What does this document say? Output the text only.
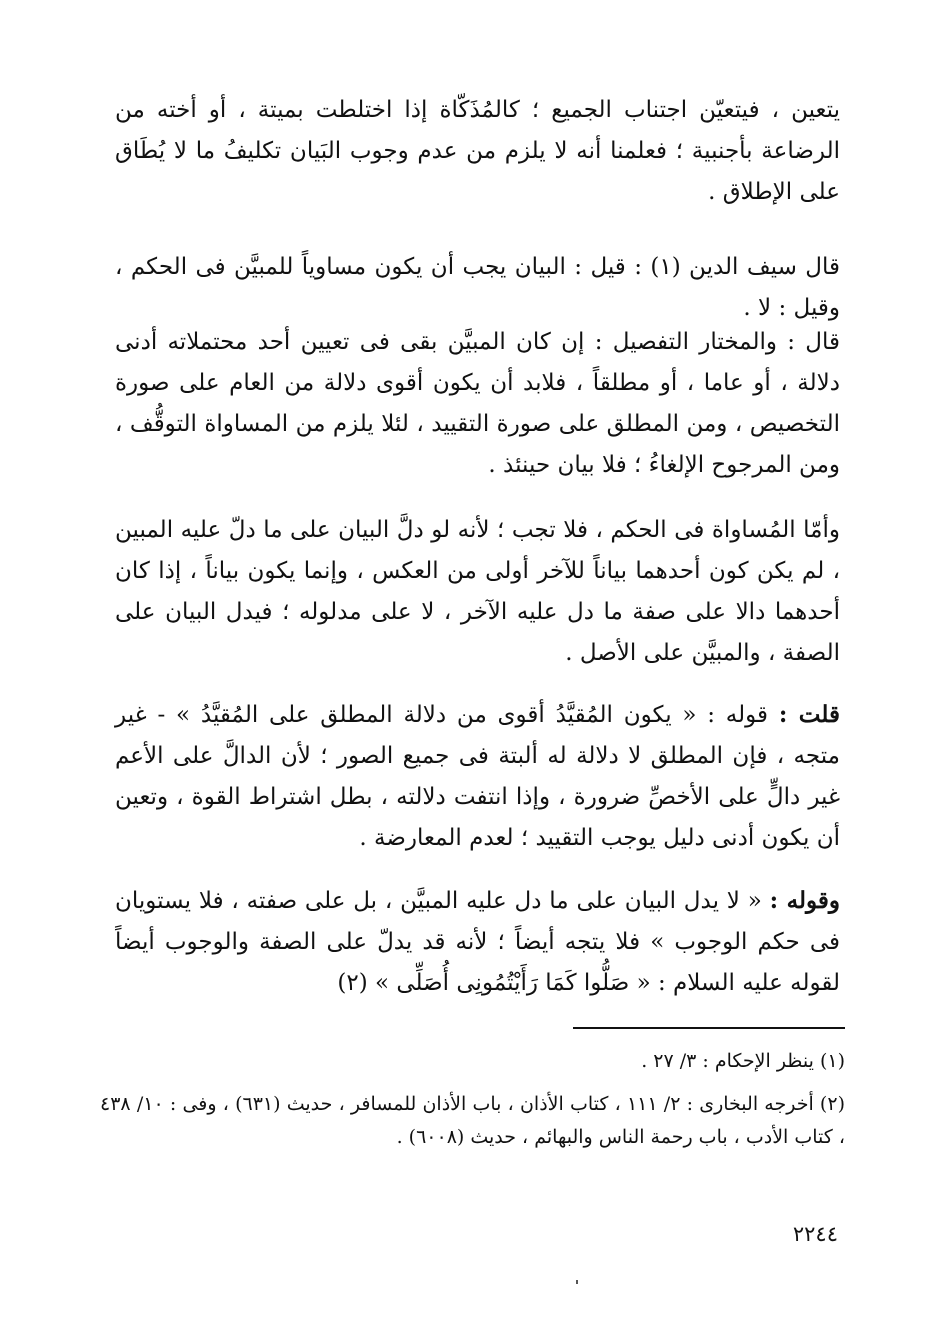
يتعين ، فيتعيّن اجتناب الجميع ؛ كالمُذَكّاة إذا اختلطت بميتة ، أو أخته من الرضاعة بأجنبية ؛ فعلمنا أنه لا يلزم من عدم وجوب البَيان تكليفُ ما لا يُطَاق على الإطلاق .

قال سيف الدين (١) : قيل : البيان يجب أن يكون مساوياً للمبيَّن فى الحكم ، وقيل : لا .

قال : والمختار التفصيل : إن كان المبيَّن بقى فى تعيين أحد محتملاته أدنى دلالة ، أو عاما ، أو مطلقاً ، فلابد أن يكون أقوى دلالة من العام على صورة التخصيص ، ومن المطلق على صورة التقييد ، لئلا يلزم من المساواة التوقُّف ، ومن المرجوح الإلغاءُ ؛ فلا بيان حينئذ .

وأمّا المُساواة فى الحكم ، فلا تجب ؛ لأنه لو دلَّ البيان على ما دلّ عليه المبين ، لم يكن كون أحدهما بياناً للآخر أولى من العكس ، وإنما يكون بياناً ، إذا كان أحدهما دالا على صفة ما دل عليه الآخر ، لا على مدلوله ؛ فيدل البيان على الصفة ، والمبيَّن على الأصل .

قلت : قوله : « يكون المُقيَّدُ أقوى من دلالة المطلق على المُقيَّدُ » - غير متجه ، فإن المطلق لا دلالة له ألبتة فى جميع الصور ؛ لأن الدالَّ على الأعم غير دالٍّ على الأخصِّ ضرورة ، وإذا انتفت دلالته ، بطل اشتراط القوة ، وتعين أن يكون أدنى دليل يوجب التقييد ؛ لعدم المعارضة .

وقوله : « لا يدل البيان على ما دل عليه المبيَّن ، بل على صفته ، فلا يستويان فى حكم الوجوب » فلا يتجه أيضاً ؛ لأنه قد يدلّ على الصفة والوجوب أيضاً لقوله عليه السلام : « صَلُّوا كَمَا رَأَيْتُمُونِى أُصَلِّى » (٢)

(١) ينظر الإحكام : ٣/ ٢٧ .

(٢) أخرجه البخارى : ٢/ ١١١ ، كتاب الأذان ، باب الأذان للمسافر ، حديث (٦٣١) ، وفى : ١٠/ ٤٣٨ ، كتاب الأدب ، باب رحمة الناس والبهائم ، حديث (٦٠٠٨) .

٢٢٤٤
